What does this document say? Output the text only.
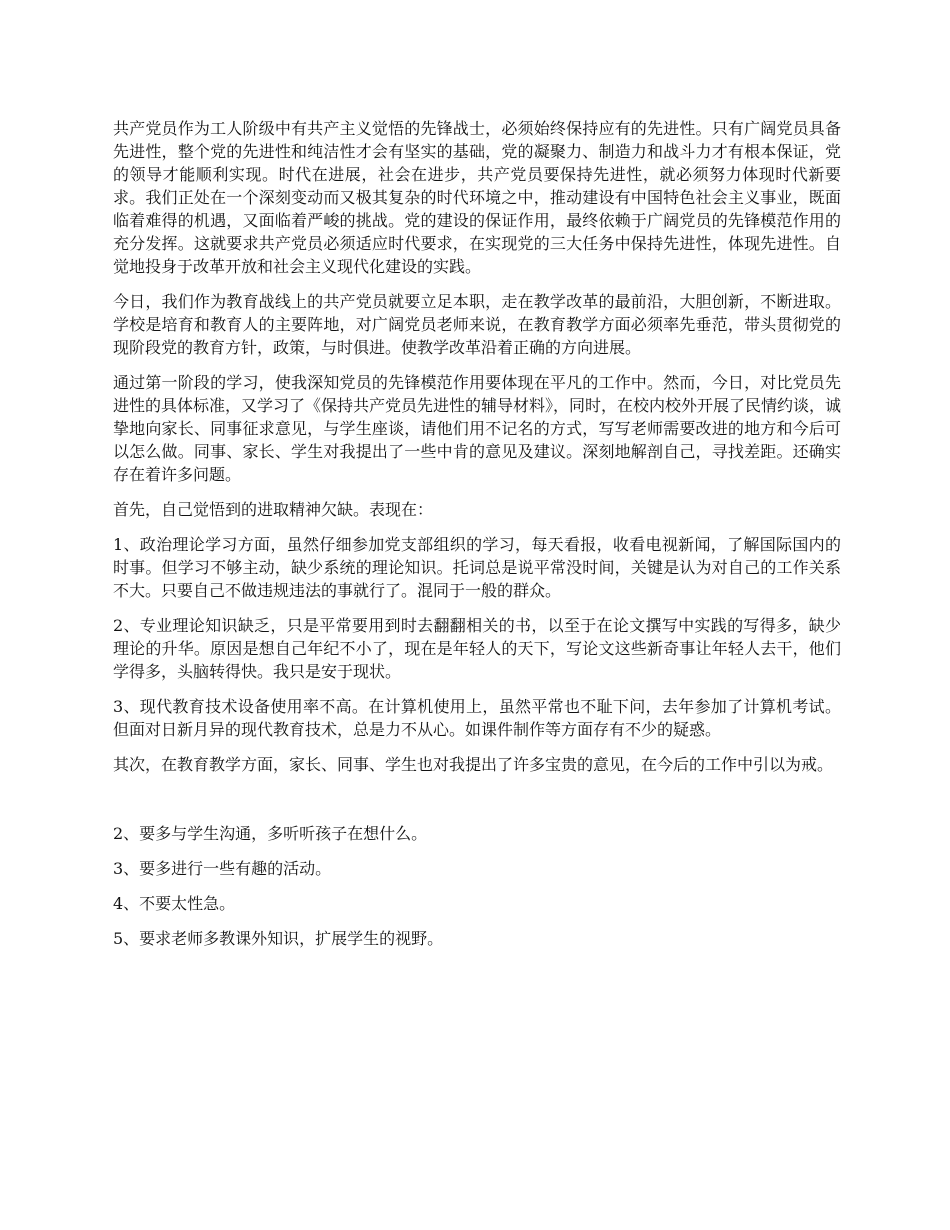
共产党员作为工人阶级中有共产主义觉悟的先锋战士，必须始终保持应有的先进性。只有广阔党员具备先进性，整个党的先进性和纯洁性才会有坚实的基础，党的凝聚力、制造力和战斗力才有根本保证，党的领导才能顺利实现。时代在进展，社会在进步，共产党员要保持先进性，就必须努力体现时代新要求。我们正处在一个深刻变动而又极其复杂的时代环境之中，推动建设有中国特色社会主义事业，既面临着难得的机遇，又面临着严峻的挑战。党的建设的保证作用，最终依赖于广阔党员的先锋模范作用的充分发挥。这就要求共产党员必须适应时代要求，在实现党的三大任务中保持先进性，体现先进性。自觉地投身于改革开放和社会主义现代化建设的实践。

今日，我们作为教育战线上的共产党员就要立足本职，走在教学改革的最前沿，大胆创新，不断进取。学校是培育和教育人的主要阵地，对广阔党员老师来说，在教育教学方面必须率先垂范，带头贯彻党的现阶段党的教育方针，政策，与时俱进。使教学改革沿着正确的方向进展。

通过第一阶段的学习，使我深知党员的先锋模范作用要体现在平凡的工作中。然而，今日，对比党员先进性的具体标准，又学习了《保持共产党员先进性的辅导材料》，同时，在校内校外开展了民情约谈，诚挚地向家长、同事征求意见，与学生座谈，请他们用不记名的方式，写写老师需要改进的地方和今后可以怎么做。同事、家长、学生对我提出了一些中肯的意见及建议。深刻地解剖自己，寻找差距。还确实存在着许多问题。

首先，自己觉悟到的进取精神欠缺。表现在：

1、政治理论学习方面，虽然仔细参加党支部组织的学习，每天看报，收看电视新闻，了解国际国内的时事。但学习不够主动，缺少系统的理论知识。托词总是说平常没时间，关键是认为对自己的工作关系不大。只要自己不做违规违法的事就行了。混同于一般的群众。

2、专业理论知识缺乏，只是平常要用到时去翻翻相关的书，以至于在论文撰写中实践的写得多，缺少理论的升华。原因是想自己年纪不小了，现在是年轻人的天下，写论文这些新奇事让年轻人去干，他们学得多，头脑转得快。我只是安于现状。

3、现代教育技术设备使用率不高。在计算机使用上，虽然平常也不耻下问，去年参加了计算机考试。但面对日新月异的现代教育技术，总是力不从心。如课件制作等方面存有不少的疑惑。

其次，在教育教学方面，家长、同事、学生也对我提出了许多宝贵的意见，在今后的工作中引以为戒。

2、要多与学生沟通，多听听孩子在想什么。

3、要多进行一些有趣的活动。

4、不要太性急。

5、要求老师多教课外知识，扩展学生的视野。
